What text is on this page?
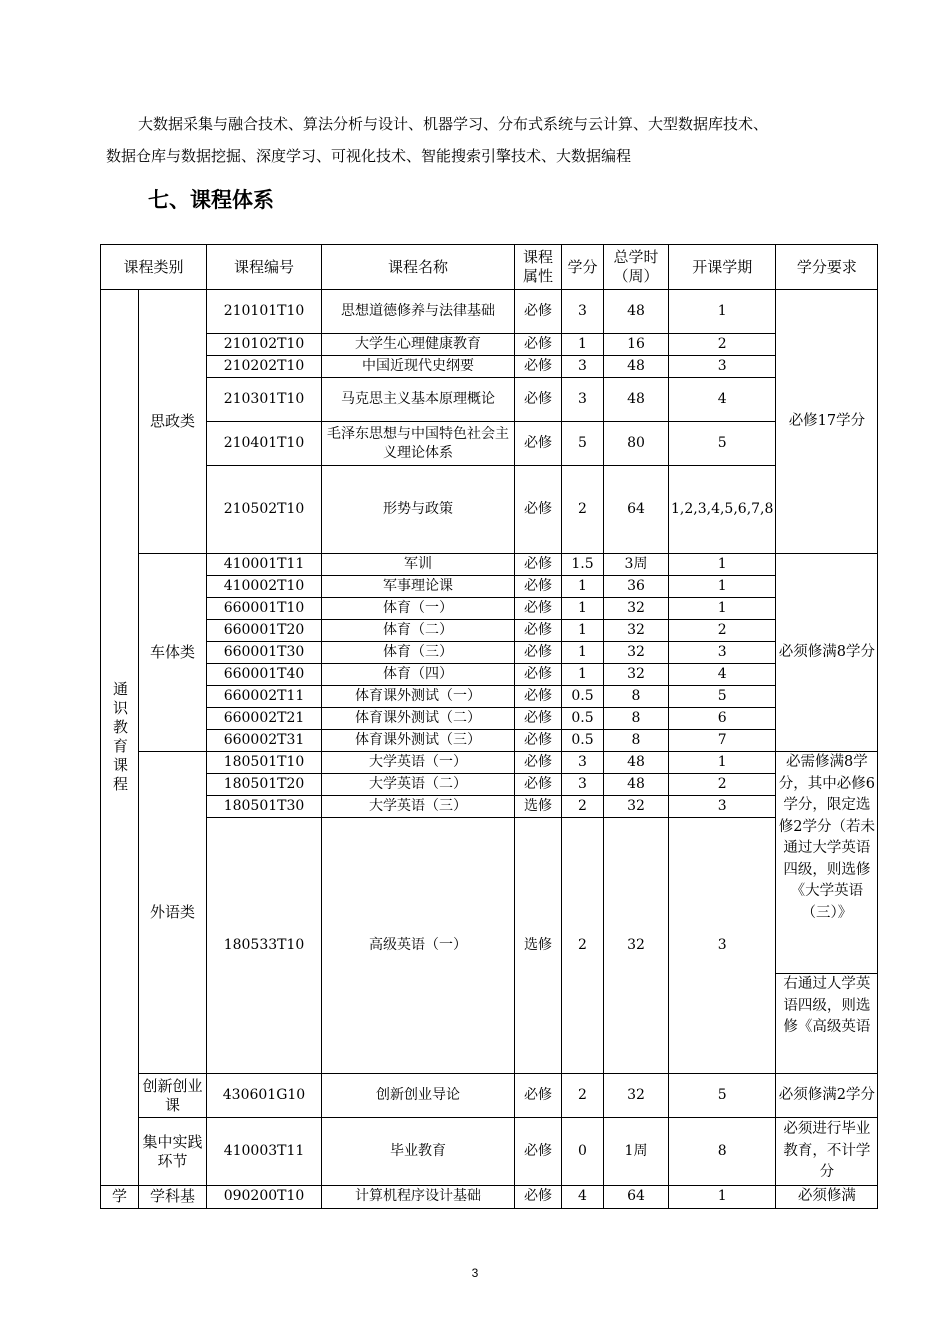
大数据采集与融合技术、算法分析与设计、机器学习、分布式系统与云计算、大型数据库技术、
数据仓库与数据挖掘、深度学习、可视化技术、智能搜索引擎技术、大数据编程
七、课程体系
课程类别		课程编号	课程名称	课程属性	学分	总学时（周）	开课学期	学分要求

通识教育课程	思政类	210101T10	思想道德修养与法律基础	必修	3	48	1	必修17学分
		210102T10	大学生心理健康教育	必修	1	16	2	
		210202T10	中国近现代史纲要	必修	3	48	3	
		210301T10	马克思主义基本原理概论	必修	3	48	4	
		210401T10	毛泽东思想与中国特色社会主义理论体系	必修	5	80	5	
		210502T10	形势与政策	必修	2	64	1,2,3,4,5,6,7,8	
	车体类	410001T11	军训	必修	1.5	3周	1	必须修满8学分
		410002T10	军事理论课	必修	1	36	1	
		660001T10	体育（一）	必修	1	32	1	
		660001T20	体育（二）	必修	1	32	2	
		660001T30	体育（三）	必修	1	32	3	
		660001T40	体育（四）	必修	1	32	4	
		660002T11	体育课外测试（一）	必修	0.5	8	5	
		660002T21	体育课外测试（二）	必修	0.5	8	6	
		660002T31	体育课外测试（三）	必修	0.5	8	7	
	外语类	180501T10	大学英语（一）	必修	3	48	1	必需修满8学分，其中必修6学分，限定选修2学分（若未通过大学英语四级，则选修《大学英语（三）》

		180501T20	大学英语（二）	必修	3	48	2	
		180501T30	大学英语（三）	选修	2	32	3	
		180533T10	高级英语（一）	选修	2	32	3	

								右通过人学英语四级，则选修《高级英语

	创新创业课	430601G10	创新创业导论	必修	2	32	5	必须修满2学分
	集中实践环节	410003T11	毕业教育	必修	0	1周	8	必须进行毕业教育，不计学分
学	学科基	090200T10	计算机程序设计基础	必修	4	64	1	必须修满
3
